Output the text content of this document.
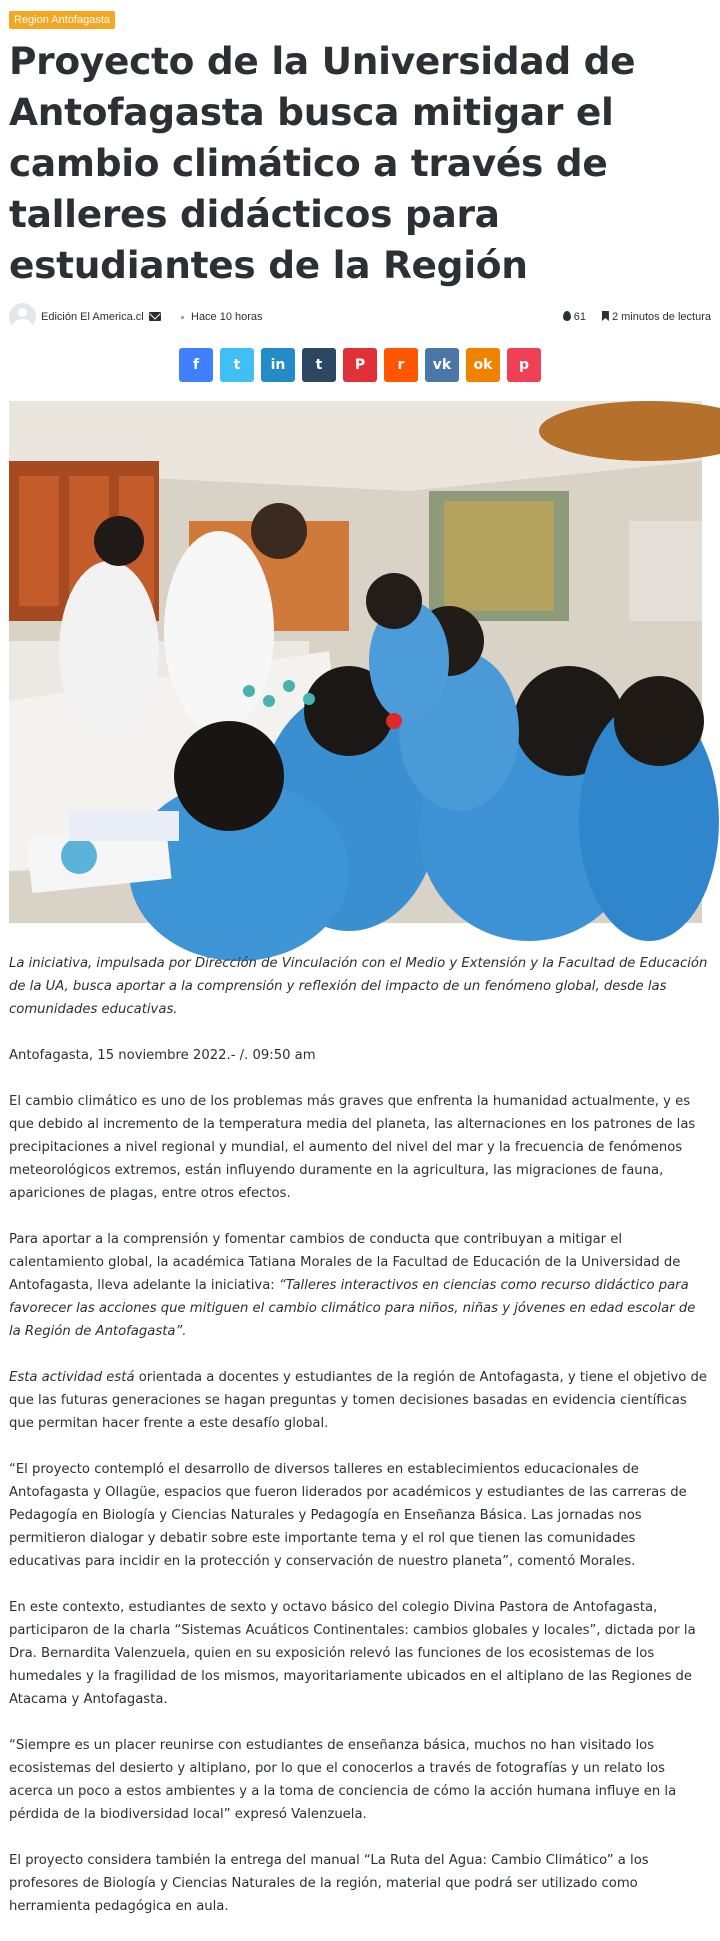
Region Antofagasta
Proyecto de la Universidad de Antofagasta busca mitigar el cambio climático a través de talleres didácticos para estudiantes de la Región
Edición El America.cl	Hace 10 horas	61	2 minutos de lectura
f t in t P r vk ok p

La iniciativa, impulsada por Dirección de Vinculación con el Medio y Extensión y la Facultad de Educación de la UA, busca aportar a la comprensión y reflexión del impacto de un fenómeno global, desde las comunidades educativas.

Antofagasta, 15 noviembre 2022.- /. 09:50 am

El cambio climático es uno de los problemas más graves que enfrenta la humanidad actualmente, y es que debido al incremento de la temperatura media del planeta, las alternaciones en los patrones de las precipitaciones a nivel regional y mundial, el aumento del nivel del mar y la frecuencia de fenómenos meteorológicos extremos, están influyendo duramente en la agricultura, las migraciones de fauna, apariciones de plagas, entre otros efectos.

Para aportar a la comprensión y fomentar cambios de conducta que contribuyan a mitigar el calentamiento global, la académica Tatiana Morales de la Facultad de Educación de la Universidad de Antofagasta, lleva adelante la iniciativa: “Talleres interactivos en ciencias como recurso didáctico para favorecer las acciones que mitiguen el cambio climático para niños, niñas y jóvenes en edad escolar de la Región de Antofagasta”.

Esta actividad está orientada a docentes y estudiantes de la región de Antofagasta, y tiene el objetivo de que las futuras generaciones se hagan preguntas y tomen decisiones basadas en evidencia científicas que permitan hacer frente a este desafío global.

“El proyecto contempló el desarrollo de diversos talleres en establecimientos educacionales de Antofagasta y Ollagüe, espacios que fueron liderados por académicos y estudiantes de las carreras de Pedagogía en Biología y Ciencias Naturales y Pedagogía en Enseñanza Básica. Las jornadas nos permitieron dialogar y debatir sobre este importante tema y el rol que tienen las comunidades educativas para incidir en la protección y conservación de nuestro planeta”, comentó Morales.

En este contexto, estudiantes de sexto y octavo básico del colegio Divina Pastora de Antofagasta, participaron de la charla “Sistemas Acuáticos Continentales: cambios globales y locales”, dictada por la Dra. Bernardita Valenzuela, quien en su exposición relevó las funciones de los ecosistemas de los humedales y la fragilidad de los mismos, mayoritariamente ubicados en el altiplano de las Regiones de Atacama y Antofagasta.

“Siempre es un placer reunirse con estudiantes de enseñanza básica, muchos no han visitado los ecosistemas del desierto y altiplano, por lo que el conocerlos a través de fotografías y un relato los acerca un poco a estos ambientes y a la toma de conciencia de cómo la acción humana influye en la pérdida de la biodiversidad local” expresó Valenzuela.

El proyecto considera también la entrega del manual “La Ruta del Agua: Cambio Climático” a los profesores de Biología y Ciencias Naturales de la región, material que podrá ser utilizado como herramienta pedagógica en aula.
